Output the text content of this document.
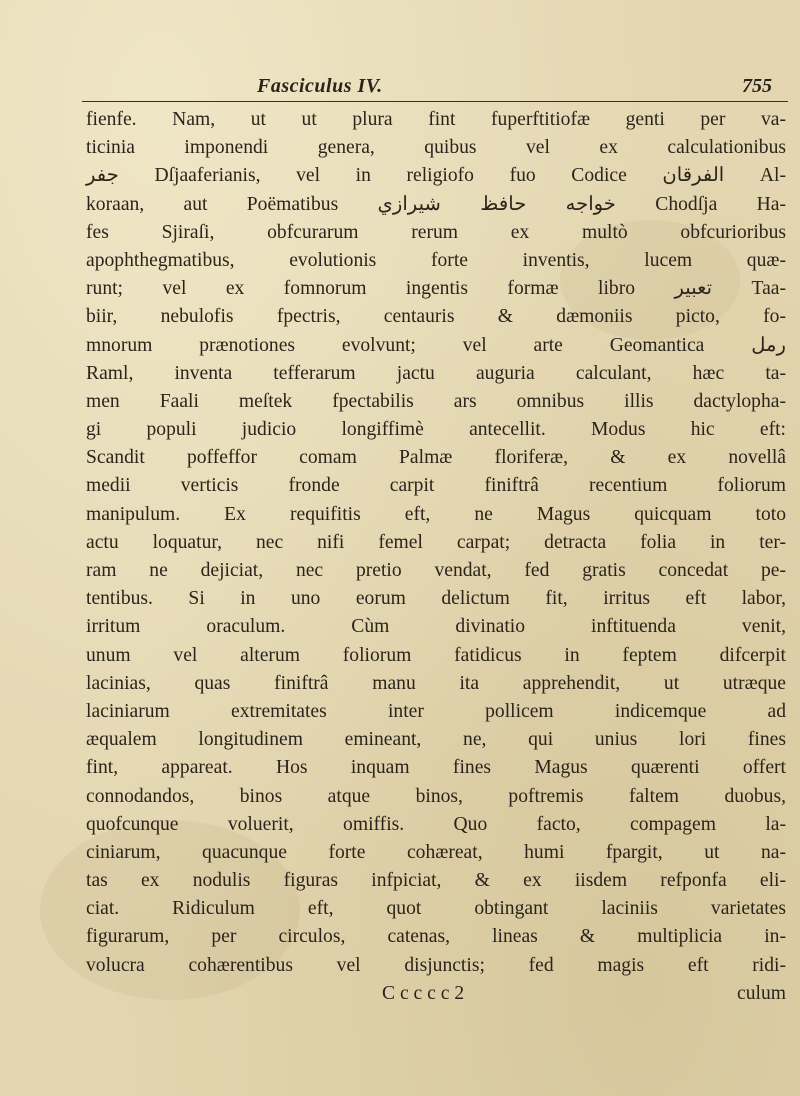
Fasciculus IV.	755
fienfe. Nam, ut ut plura fint fuperftitiofæ genti per va-
ticinia imponendi genera, quibus vel ex calculationibus
جفر Dſjaaferianis, vel in religiofo fuo Codice الفرقان Al-
koraan, aut Poëmatibus خواجه حافظ شيرازي Chodſja Ha-
fes Sjiraſi, obfcurarum rerum ex multò obfcurioribus
apophthegmatibus, evolutionis forte inventis, lucem quæ-
runt; vel ex fomnorum ingentis formæ libro تعبير Taa-
biir, nebulofis fpectris, centauris & dæmoniis picto, fo-
mnorum prænotiones evolvunt; vel arte Geomantica رمل
Raml, inventa tefferarum jactu auguria calculant, hæc ta-
men Faali meſtek fpectabilis ars omnibus illis dactylopha-
gi populi judicio longiffimè antecellit. Modus hic eft:
Scandit poffeffor comam Palmæ floriferæ, & ex novellâ
medii verticis fronde carpit finiftrâ recentium foliorum
manipulum. Ex requifitis eft, ne Magus quicquam toto
actu loquatur, nec nifi femel carpat; detracta folia in ter-
ram ne dejiciat, nec pretio vendat, fed gratis concedat pe-
tentibus. Si in uno eorum delictum fit, irritus eft labor,
irritum oraculum. Cùm divinatio inftituenda venit,
unum vel alterum foliorum fatidicus in feptem difcerpit
lacinias, quas finiftrâ manu ita apprehendit, ut utræque
laciniarum extremitates inter pollicem indicemque ad
æqualem longitudinem emineant, ne, qui unius lori fines
fint, appareat. Hos inquam fines Magus quærenti offert
connodandos, binos atque binos, poftremis faltem duobus,
quofcunque voluerit, omiffis. Quo facto, compagem la-
ciniarum, quacunque forte cohæreat, humi fpargit, ut na-
tas ex nodulis figuras infpiciat, & ex iisdem refponfa eli-
ciat. Ridiculum eft, quot obtingant laciniis varietates
figurarum, per circulos, catenas, lineas & multiplicia in-
volucra cohærentibus vel disjunctis; fed magis eft ridi-
C c c c c 2	culum
